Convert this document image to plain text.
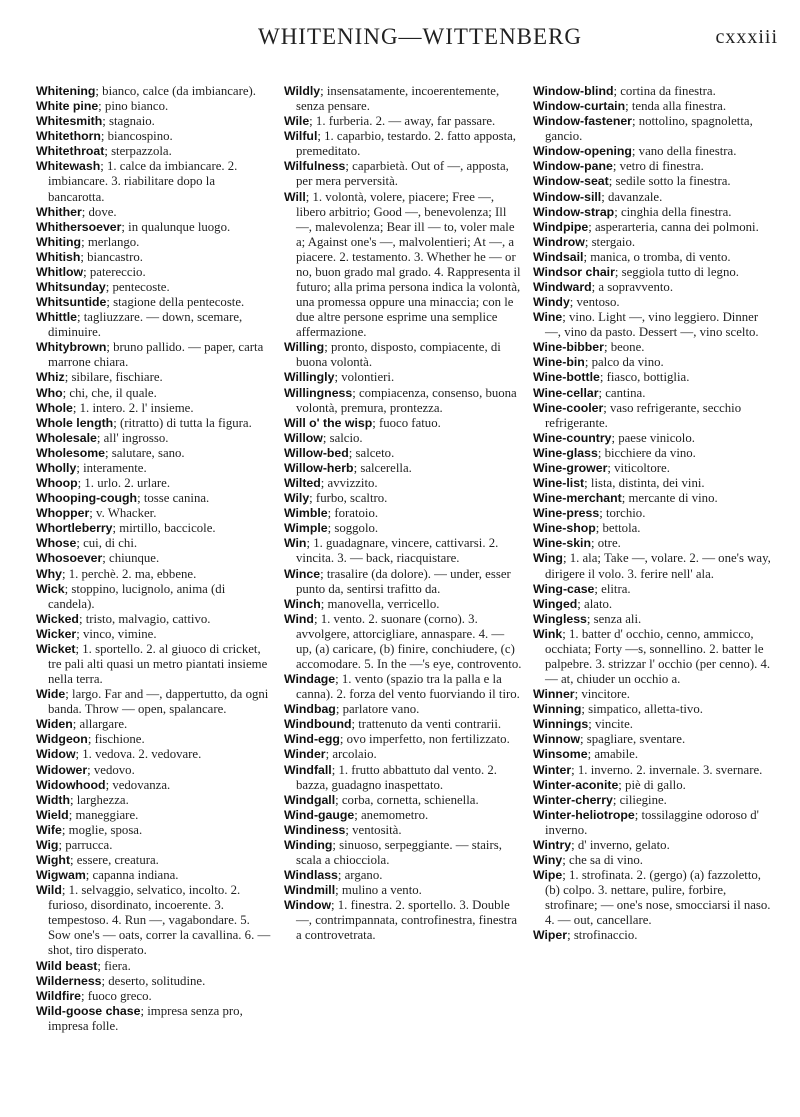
WHITENING—WITTENBERG	cxxxiii

Whitening; bianco, calce (da imbiancare).

White pine; pino bianco.

Whitesmith; stagnaio.

Whitethorn; biancospino.

Whitethroat; sterpazzola.

Whitewash; 1. calce da imbiancare. 2. imbiancare. 3. riabilitare dopo la bancarotta.

Whither; dove.

Whithersoever; in qualunque luogo.

Whiting; merlango.

Whitish; biancastro.

Whitlow; patereccio.

Whitsunday; pentecoste.

Whitsuntide; stagione della pentecoste.

Whittle; tagliuzzare. — down, scemare, diminuire.

Whitybrown; bruno pallido. — paper, carta marrone chiara.

Whiz; sibilare, fischiare.

Who; chi, che, il quale.

Whole; 1. intero. 2. l' insieme.

Whole length; (ritratto) di tutta la figura.

Wholesale; all' ingrosso.

Wholesome; salutare, sano.

Wholly; interamente.

Whoop; 1. urlo. 2. urlare.

Whooping-cough; tosse canina.

Whopper; v. Whacker.

Whortleberry; mirtillo, baccicole.

Whose; cui, di chi.

Whosoever; chiunque.

Why; 1. perchè. 2. ma, ebbene.

Wick; stoppino, lucignolo, anima (di candela).

Wicked; tristo, malvagio, cattivo.

Wicker; vinco, vimine.

Wicket; 1. sportello. 2. al giuoco di cricket, tre pali alti quasi un metro piantati insieme nella terra.

Wide; largo. Far and —, dappertutto, da ogni banda. Throw — open, spalancare.

Widen; allargare.

Widgeon; fischione.

Widow; 1. vedova. 2. vedovare.

Widower; vedovo.

Widowhood; vedovanza.

Width; larghezza.

Wield; maneggiare.

Wife; moglie, sposa.

Wig; parrucca.

Wight; essere, creatura.

Wigwam; capanna indiana.

Wild; 1. selvaggio, selvatico, incolto. 2. furioso, disordinato, incoerente. 3. tempestoso. 4. Run —, vagabondare. 5. Sow one's — oats, correr la cavallina. 6. — shot, tiro disperato.

Wild beast; fiera.

Wilderness; deserto, solitudine.

Wildfire; fuoco greco.

Wild-goose chase; impresa senza pro, impresa folle.

Wildly; insensatamente, incoerentemente, senza pensare.

Wile; 1. furberia. 2. — away, far passare.

Wilful; 1. caparbio, testardo. 2. fatto apposta, premeditato.

Wilfulness; caparbietà. Out of —, apposta, per mera perversità.

Will; 1. volontà, volere, piacere; Free —, libero arbitrio; Good —, benevolenza; Ill —, malevolenza; Bear ill — to, voler male a; Against one's —, malvolentieri; At —, a piacere. 2. testamento. 3. Whether he — or no, buon grado mal grado. 4. Rappresenta il futuro; alla prima persona indica la volontà, una promessa oppure una minaccia; con le due altre persone esprime una semplice affermazione.

Willing; pronto, disposto, compiacente, di buona volontà.

Willingly; volontieri.

Willingness; compiacenza, consenso, buona volontà, premura, prontezza.

Will o' the wisp; fuoco fatuo.

Willow; salcio.

Willow-bed; salceto.

Willow-herb; salcerella.

Wilted; avvizzito.

Wily; furbo, scaltro.

Wimble; foratoio.

Wimple; soggolo.

Win; 1. guadagnare, vincere, cattivarsi. 2. vincita. 3. — back, riacquistare.

Wince; trasalire (da dolore). — under, esser punto da, sentirsi trafitto da.

Winch; manovella, verricello.

Wind; 1. vento. 2. suonare (corno). 3. avvolgere, attorcigliare, annaspare. 4. — up, (a) caricare, (b) finire, conchiudere, (c) accomodare. 5. In the —'s eye, controvento.

Windage; 1. vento (spazio tra la palla e la canna). 2. forza del vento fuorviando il tiro.

Windbag; parlatore vano.

Windbound; trattenuto da venti contrarii.

Wind-egg; ovo imperfetto, non fertilizzato.

Winder; arcolaio.

Windfall; 1. frutto abbattuto dal vento. 2. bazza, guadagno inaspettato.

Windgall; corba, cornetta, schienella.

Wind-gauge; anemometro.

Windiness; ventosità.

Winding; sinuoso, serpeggiante. — stairs, scala a chiocciola.

Windlass; argano.

Windmill; mulino a vento.

Window; 1. finestra. 2. sportello. 3. Double —, contrimpannata, controfinestra, finestra a controvetrata.

Window-blind; cortina da finestra.

Window-curtain; tenda alla finestra.

Window-fastener; nottolino, spagnoletta, gancio.

Window-opening; vano della finestra.

Window-pane; vetro di finestra.

Window-seat; sedile sotto la finestra.

Window-sill; davanzale.

Window-strap; cinghia della finestra.

Windpipe; asperarteria, canna dei polmoni.

Windrow; stergaio.

Windsail; manica, o tromba, di vento.

Windsor chair; seggiola tutto di legno.

Windward; a sopravvento.

Windy; ventoso.

Wine; vino. Light —, vino leggiero. Dinner —, vino da pasto. Dessert —, vino scelto.

Wine-bibber; beone.

Wine-bin; palco da vino.

Wine-bottle; fiasco, bottiglia.

Wine-cellar; cantina.

Wine-cooler; vaso refrigerante, secchio refrigerante.

Wine-country; paese vinicolo.

Wine-glass; bicchiere da vino.

Wine-grower; viticoltore.

Wine-list; lista, distinta, dei vini.

Wine-merchant; mercante di vino.

Wine-press; torchio.

Wine-shop; bettola.

Wine-skin; otre.

Wing; 1. ala; Take —, volare. 2. — one's way, dirigere il volo. 3. ferire nell' ala.

Wing-case; elitra.

Winged; alato.

Wingless; senza ali.

Wink; 1. batter d' occhio, cenno, ammicco, occhiata; Forty —s, sonnellino. 2. batter le palpebre. 3. strizzar l' occhio (per cenno). 4. — at, chiuder un occhio a.

Winner; vincitore.

Winning; simpatico, alletta-tivo.

Winnings; vincite.

Winnow; spagliare, sventare.

Winsome; amabile.

Winter; 1. inverno. 2. invernale. 3. svernare.

Winter-aconite; piè di gallo.

Winter-cherry; ciliegine.

Winter-heliotrope; tossilaggine odoroso d' inverno.

Wintry; d' inverno, gelato.

Winy; che sa di vino.

Wipe; 1. strofinata. 2. (gergo) (a) fazzoletto, (b) colpo. 3. nettare, pulire, forbire, strofinare; — one's nose, smocciarsi il naso. 4. — out, cancellare.

Wiper; strofinaccio.
